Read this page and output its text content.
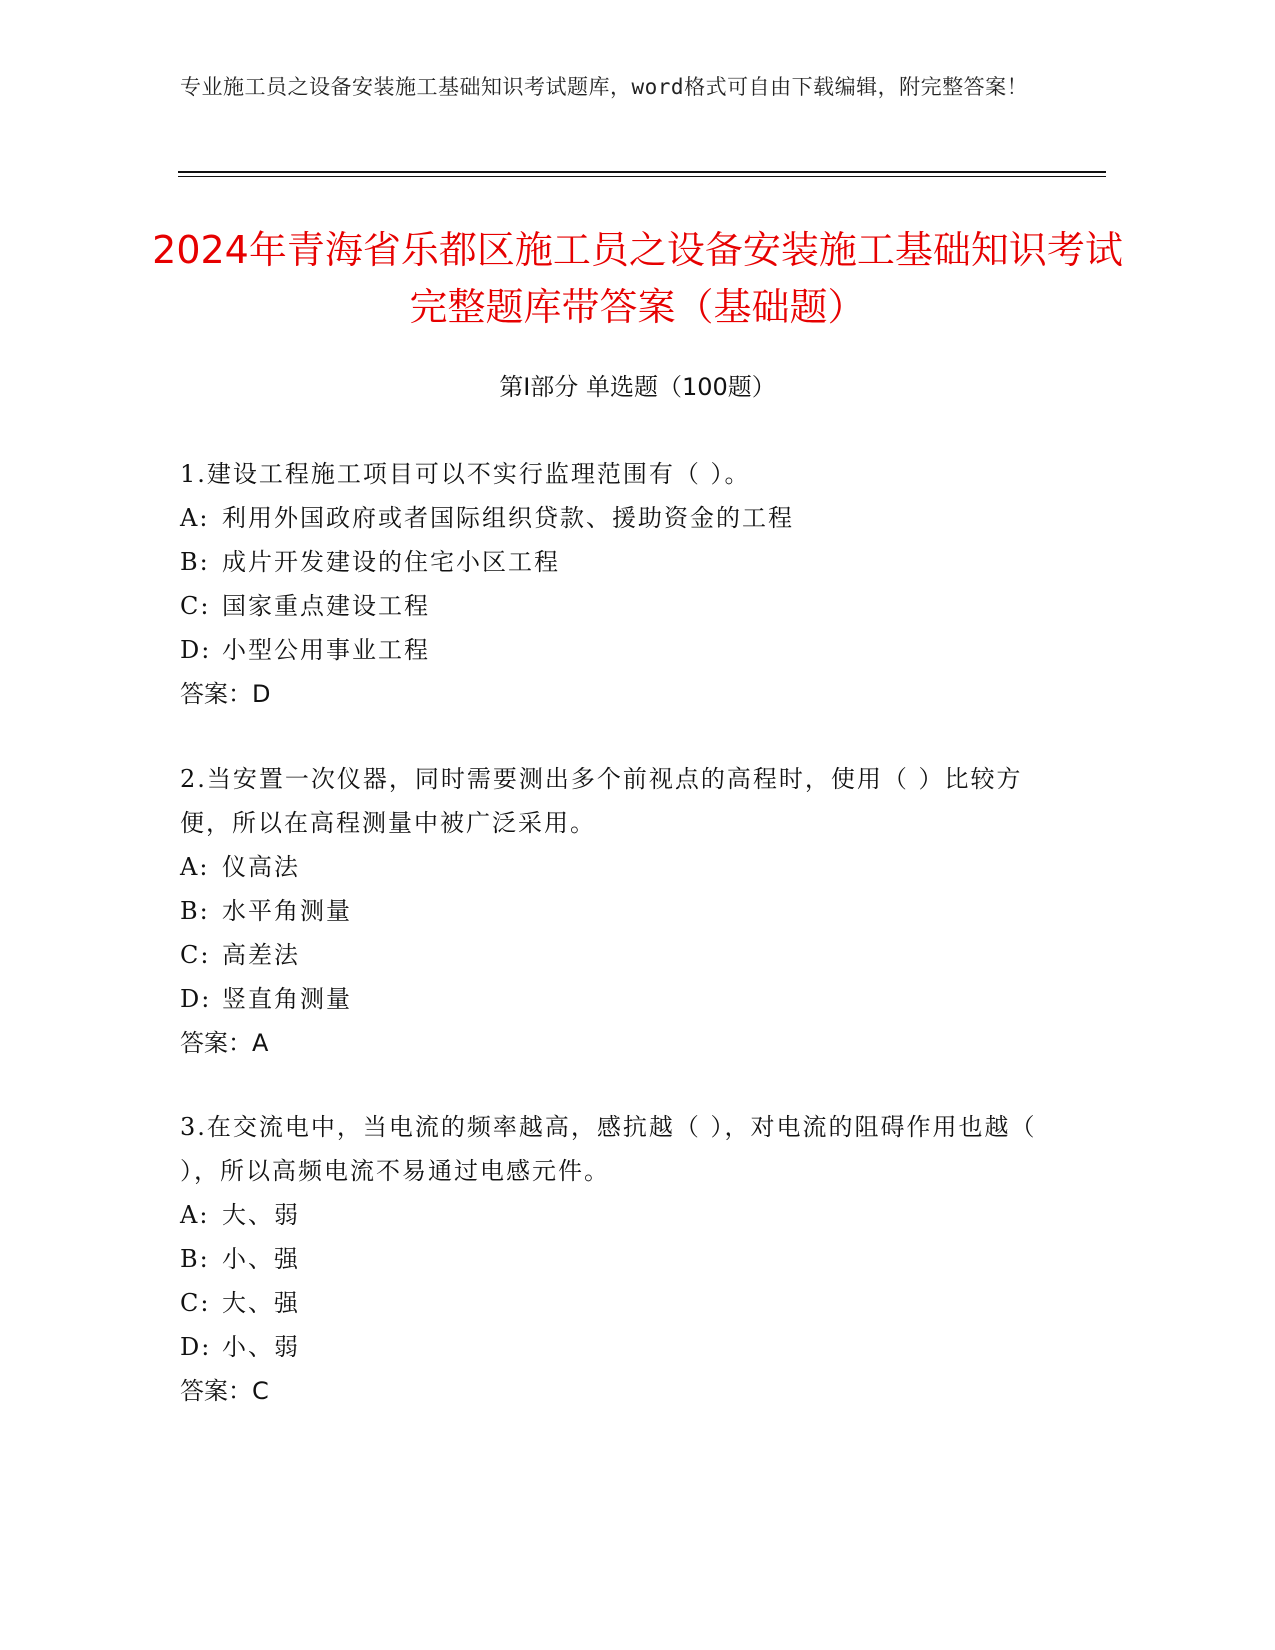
专业施工员之设备安装施工基础知识考试题库，word格式可自由下载编辑，附完整答案！
2024年青海省乐都区施工员之设备安装施工基础知识考试完整题库带答案（基础题）
第I部分 单选题（100题）

1.建设工程施工项目可以不实行监理范围有（ ）。

A: 利用外国政府或者国际组织贷款、援助资金的工程

B: 成片开发建设的住宅小区工程

C: 国家重点建设工程

D: 小型公用事业工程

答案：D

2.当安置一次仪器，同时需要测出多个前视点的高程时，使用（ ）比较方便，所以在高程测量中被广泛采用。

A: 仪高法

B: 水平角测量

C: 高差法

D: 竖直角测量

答案：A

3.在交流电中，当电流的频率越高，感抗越（ ），对电流的阻碍作用也越（ ），所以高频电流不易通过电感元件。

A: 大、弱

B: 小、强

C: 大、强

D: 小、弱

答案：C
